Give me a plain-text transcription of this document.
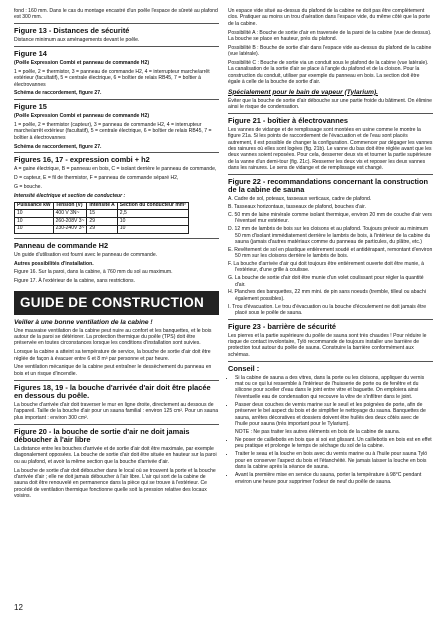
fond : 160 mm. Dans le cas du montage encastré d'un poêle l'espace de sûreté au plafond est 300 mm.

Figure 13 - Distances de sécurité

Distance minimum aux aménagements devant le poêle.

Figure 14

(Poêle Expression Combi et panneau de commande H2)

1 = poêle, 2 = thermistor, 3 = panneau de commande H2, 4 = interrupteur marche/arrêt extérieur (facultatif), 5 = centrale électrique, 6 = boîtier de relais RB45, 7 = boîtier à électrovannes

Schéma de raccordement, figure 27.

Figure 15

(Poêle Expression Combi et panneau de commande H2)

1 = poêle, 2 = thermistor (capteur), 3 = panneau de commande H2, 4 = interrupteur marche/arrêt extérieur (facultatif), 5 = centrale électrique, 6 = boîtier de relais RB45, 7 = boîtier à électrovannes

Schéma de raccordement, figure 27.

Figures 16, 17 - expression combi + h2

A = gaine électrique, B = panneau en bois, C = isolant derrière le panneau de commande,

D = capteur, E = fil de thermistor, F = panneau de commande séparé H2,

G = bouche.

Intensité électrique et section de conducteur :

Puissance kW	Tension (V)	Intensité A	Section du conducteur mm²
10	400 V 3N~	15	2,5
10	260-208V 3~	29	10
10	230-240V 3~	29	10
Panneau de commande H2

Un guide d'utilisation est fourni avec le panneau de commande.

Autres possibilités d'installation.

Figure 16. Sur la paroi, dans la cabine, à 760 mm du sol au maximum.

Figure 17. À l'extérieur de la cabine, sans restrictions.

GUIDE DE CONSTRUCTION
Veiller à une bonne ventilation de la cabine !

Une mauvaise ventilation de la cabine peut nuire au confort et les banquettes, et le bois autour de la paroi se détériorer. La protection thermique du poêle (TPS) doit être préservée en toutes circonstances lorsque les conditions d'installation sont suivies.

Lorsque la cabine a atteint sa température de service, la bouche de sortie d'air doit être réglée de façon à évacuer entre 6 et 8 m³ par personne et par heure.

Une ventilation mécanique de la cabine peut entraîner le dessèchement du panneau en bois et un risque d'incendie.

Figures 18, 19 - la bouche d'arrivée d'air doit être placée en dessous du poêle.

La bouche d'arrivée d'air doit traverser le mur en ligne droite, directement au dessous de l'appareil. Taille de la bouche d'air pour un sauna familial : environ 125 cm². Pour un sauna plus important : environ 300 cm².

Figure 20 - la bouche de sortie d'air ne doit jamais déboucher à l'air libre

La distance entre les bouches d'arrivée et de sortie d'air doit être maximale, par exemple diagonalement opposées. La bouche de sortie d'air doit être située en hauteur sur la paroi ou au plafond, et avoir la même section que la bouche d'arrivée d'air.

La bouche de sortie d'air doit déboucher dans le local où se trouvent la porte et la bouche d'arrivée d'air ; elle ne doit jamais déboucher à l'air libre. L'air qui sort de la cabine de sauna doit être renouvelé en permanence dans la pièce qui se trouve à l'extérieur. Ce procédé de ventilation thermique fonctionne quelle soit la pression relative des locaux voisins.

Un espace vide situé au-dessus du plafond de la cabine ne doit pas être complètement clos. Pratiquer au moins un trou d'aération dans l'espace vide, du même côté que la porte de la cabine.

Possibilité A : Bouche de sortie d'air en traversée de la paroi de la cabine (vue de dessus). La bouche se place en hauteur, près du plafond.

Possibilité B : Bouche de sortie d'air dans l'espace vide au-dessus du plafond de la cabine (vue latérale).

Possibilité C : Bouche de sortie via un conduit sous le plafond de la cabine (vue latérale). La canalisation de la sortie d'air se place à l'angle du plafond et de la cloison. Pour la construction du conduit, utiliser par exemple du panneau en bois. La section doit être égale à celle de la bouche de sortie d'air.

Spécialement pour le bain de vapeur (Tylarium).

Éviter que la bouche de sortie d'air débouche sur une partie froide du bâtiment. On élimine ainsi le risque de condensation.

Figure 21 - boîtier à électrovannes

Les vannes de vidange et de remplissage sont montées en usine comme le montre la figure 21a. Si les points de raccordement de l'évacuation et de l'eau sont placés autrement, il est possible de changer la configuration. Commencer par dégager les vannes des rainures où elles sont logées (fig. 21b). Le vanne du bas doit être réglée avant que les deux vannes soient reposées. Pour cela, desserrer deux vis et tourner la partie supérieure de la vanne d'un demi-tour (fig. 21c). Resserrer les deux vis et reposer les deux vannes dans les rainures. Le sens de vidange et de remplissage est changé.

Figure 22 - recommandations concernant la construction de la cabine de sauna
A. Cadre de sol, poteaux, tasseaux verticaux, cadre de plafond.
B. Tasseaux horizontaux, tasseaux de plafond, bouches d'air.
C. 50 mm de laine minérale comme isolant thermique, environ 20 mm de couche d'air vers l'éventuel mur extérieur.
D. 12 mm de lambris de bois sur les cloisons et au plafond. Toujours prévoir au minimum 50 mm d'isolant immédiatement derrière le lambris de bois, à l'intérieur de la cabine du sauna (jamais d'autres matériaux comme du panneau de particules, du plâtre, etc.)
E. Revêtement de sol en plastique entièrement soudé et antidérapant, remontant d'environ 50 mm sur les cloisons derrière le lambris de bois.
F. La bouche d'arrivée d'air qui doit toujours être entièrement ouverte doit être munie, à l'extérieur, d'une grille à coulisse.
G. La bouche de sortie d'air doit être munie d'un volet coulissant pour régler la quantité d'air.
H. Planches des banquettes, 22 mm mini. de pin sans noeuds (tremble, tilleul ou abachi également possibles).
I. Trou d'évacuation. Le trou d'évacuation ou la bouche d'écoulement ne doit jamais être placé sous le poêle de sauna.
Figure 23 - barrière de sécurité

Les pierres et la partie supérieure du poêle de sauna sont très chaudes ! Pour réduire le risque de contact involontaire, Tylö recommande de toujours installer une barrière de protection tout autour du poêle de sauna. Construire la barrière conformément aux schémas.

Conseil :
• Si la cabine de sauna a des vitres, dans la porte ou les cloisons, appliquer du vernis mat ou ce qui lui ressemble à l'intérieur de l'huisserie de porte ou de fenêtre et du silicone pour sceller d'eau dans le joint entre vitre et baguette. On emploiera ainsi l'éventuelle eau de condensation qui recouvre la vitre de s'infiltrer dans le joint.
• Passer deux couches de vernis marine sur le seuil et les poignées de porte, afin de préserver le bel aspect du bois et de simplifier le nettoyage du sauna. Banquettes de sauna, arrêtes décoratives et dossiers doivent être huilés des deux côtés avec de l'huile pour sauna (très important pour le Tylarium).
NOTE : Ne pas traiter les autres éléments en bois de la cabine de sauna.
• Ne poser de caillebotis en bois que si soi est glissant. Un caillebotis en bois est en effet peu pratique et prolonge le temps de séchage du sol de la cabine.
• Traiter le seau et la louche en bois avec du vernis marine ou à l'huile pour sauna Tylö pour en conserver l'aspect du bois et l'étanchéité. Ne jamais laisser la louche en bois dans la cabine après la séance de sauna.
• Avant la première mise en service du sauna, porter la température à 98°C pendant environ une heure pour supprimer l'odeur de neuf du poêle de sauna.
12
